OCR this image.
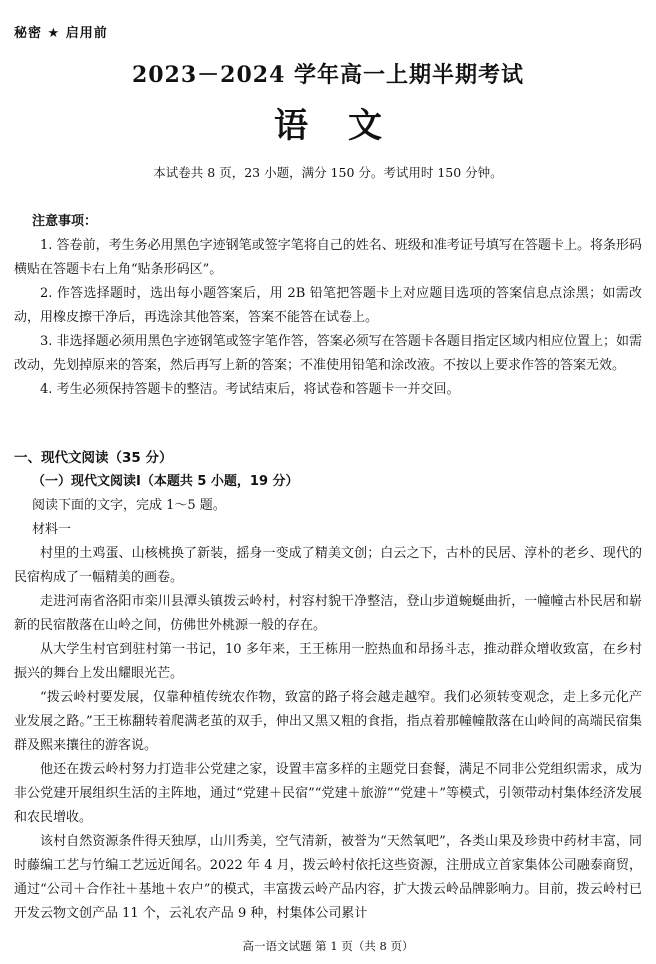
秘密 ★ 启用前
2023－2024 学年高一上期半期考试
语文
本试卷共 8 页，23 小题，满分 150 分。考试用时 150 分钟。
注意事项：

1. 答卷前，考生务必用黑色字迹钢笔或签字笔将自己的姓名、班级和准考证号填写在答题卡上。将条形码横贴在答题卡右上角“贴条形码区”。

2. 作答选择题时，选出每小题答案后，用 2B 铅笔把答题卡上对应题目选项的答案信息点涂黑；如需改动，用橡皮擦干净后，再选涂其他答案，答案不能答在试卷上。

3. 非选择题必须用黑色字迹钢笔或签字笔作答，答案必须写在答题卡各题目指定区域内相应位置上；如需改动，先划掉原来的答案，然后再写上新的答案；不准使用铅笔和涂改液。不按以上要求作答的答案无效。

4. 考生必须保持答题卡的整洁。考试结束后，将试卷和答题卡一并交回。

一、现代文阅读（35 分）
（一）现代文阅读Ⅰ（本题共 5 小题，19 分）

阅读下面的文字，完成 1～5 题。

材料一

村里的土鸡蛋、山核桃换了新装，摇身一变成了精美文创；白云之下，古朴的民居、淳朴的老乡、现代的民宿构成了一幅精美的画卷。

走进河南省洛阳市栾川县潭头镇拨云岭村，村容村貌干净整洁，登山步道蜿蜒曲折，一幢幢古朴民居和崭新的民宿散落在山岭之间，仿佛世外桃源一般的存在。

从大学生村官到驻村第一书记，10 多年来，王王栋用一腔热血和昂扬斗志，推动群众增收致富，在乡村振兴的舞台上发出耀眼光芒。

“拨云岭村要发展，仅靠种植传统农作物，致富的路子将会越走越窄。我们必须转变观念，走上多元化产业发展之路。”王王栋翻转着爬满老茧的双手，伸出又黑又粗的食指，指点着那幢幢散落在山岭间的高端民宿集群及熙来攘往的游客说。

他还在拨云岭村努力打造非公党建之家，设置丰富多样的主题党日套餐，满足不同非公党组织需求，成为非公党建开展组织生活的主阵地，通过“党建＋民宿”“党建＋旅游”“党建＋”等模式，引领带动村集体经济发展和农民增收。

该村自然资源条件得天独厚，山川秀美，空气清新，被誉为“天然氧吧”，各类山果及珍贵中药材丰富，同时藤编工艺与竹编工艺远近闻名。2022 年 4 月，拨云岭村依托这些资源，注册成立首家集体公司融泰商贸，通过“公司＋合作社＋基地＋农户”的模式，丰富拨云岭产品内容，扩大拨云岭品牌影响力。目前，拨云岭村已开发云物文创产品 11 个，云礼农产品 9 种，村集体公司累计

高一语文试题 第 1 页（共 8 页）
